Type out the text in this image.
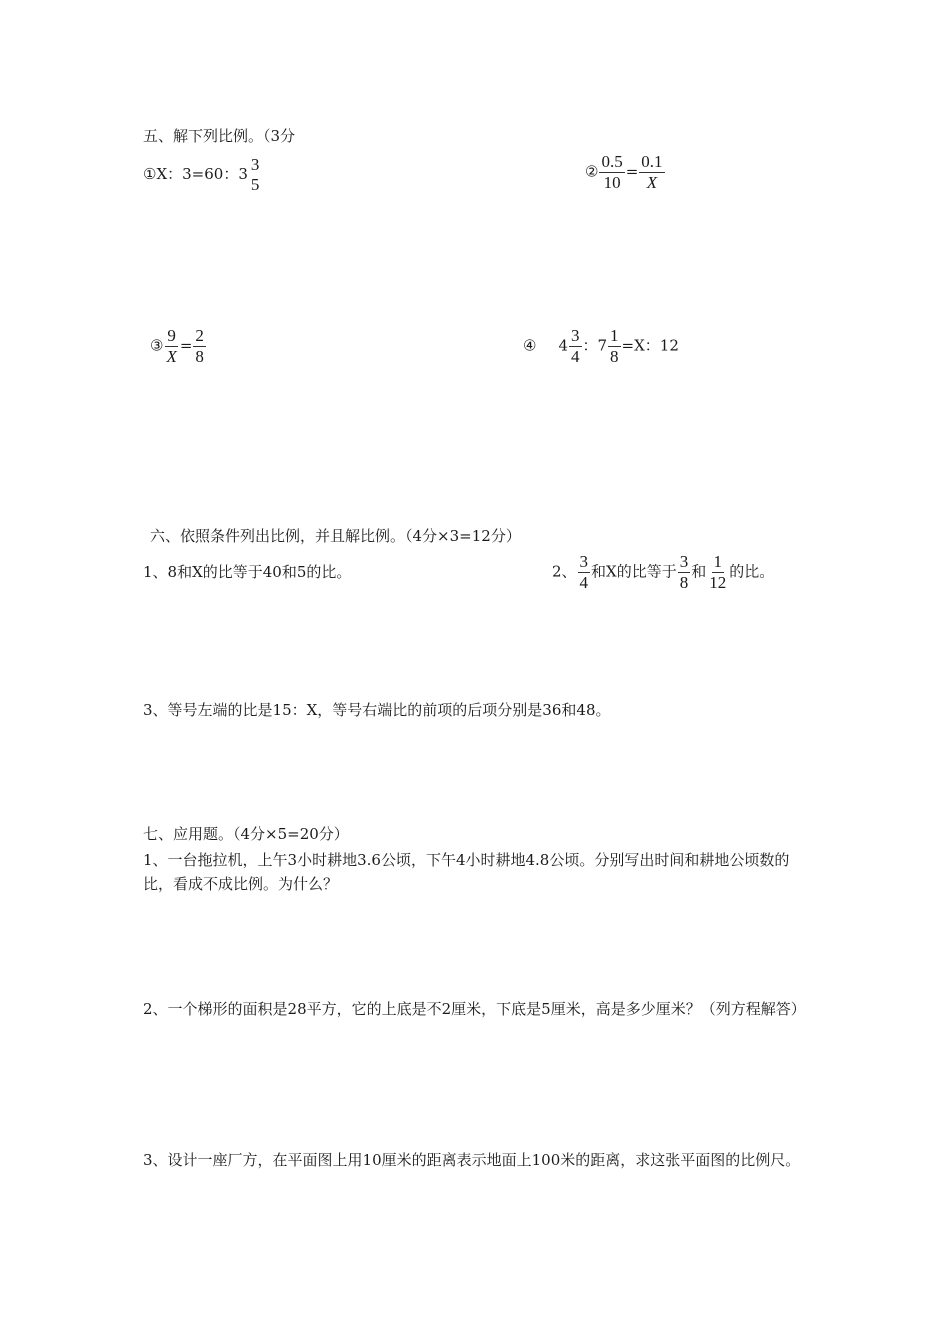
五、解下列比例。（3分
①X：3=60：3 3
5
② $\frac{0.5}{10} = \frac{0.1}{X}$
③ $\frac{9}{X} = \frac{2}{8}$	④ $4 \frac{3}{4}$ ：$7 \frac{1}{8} =X$：12
六、依照条件列出比例，并且解比例。（4分×3=12分）
1、8和X的比等于40和5的比。	2、 $\frac{3}{4}$ 和X的比等于 $\frac{3}{8}$ 和 $\frac{1}{12}$ 的比。
3、等号左端的比是15：X，等号右端比的前项的后项分别是36和48。
七、应用题。（4分×5=20分）
1、一台拖拉机，上午3小时耕地3.6公顷，下午4小时耕地4.8公顷。分别写出时间和耕地公顷数的比，看成不成比例。为什么？
2、一个梯形的面积是28平方，它的上底是不2厘米，下底是5厘米，高是多少厘米？（列方程解答）
3、设计一座厂方，在平面图上用10厘米的距离表示地面上100米的距离，求这张平面图的比例尺。
